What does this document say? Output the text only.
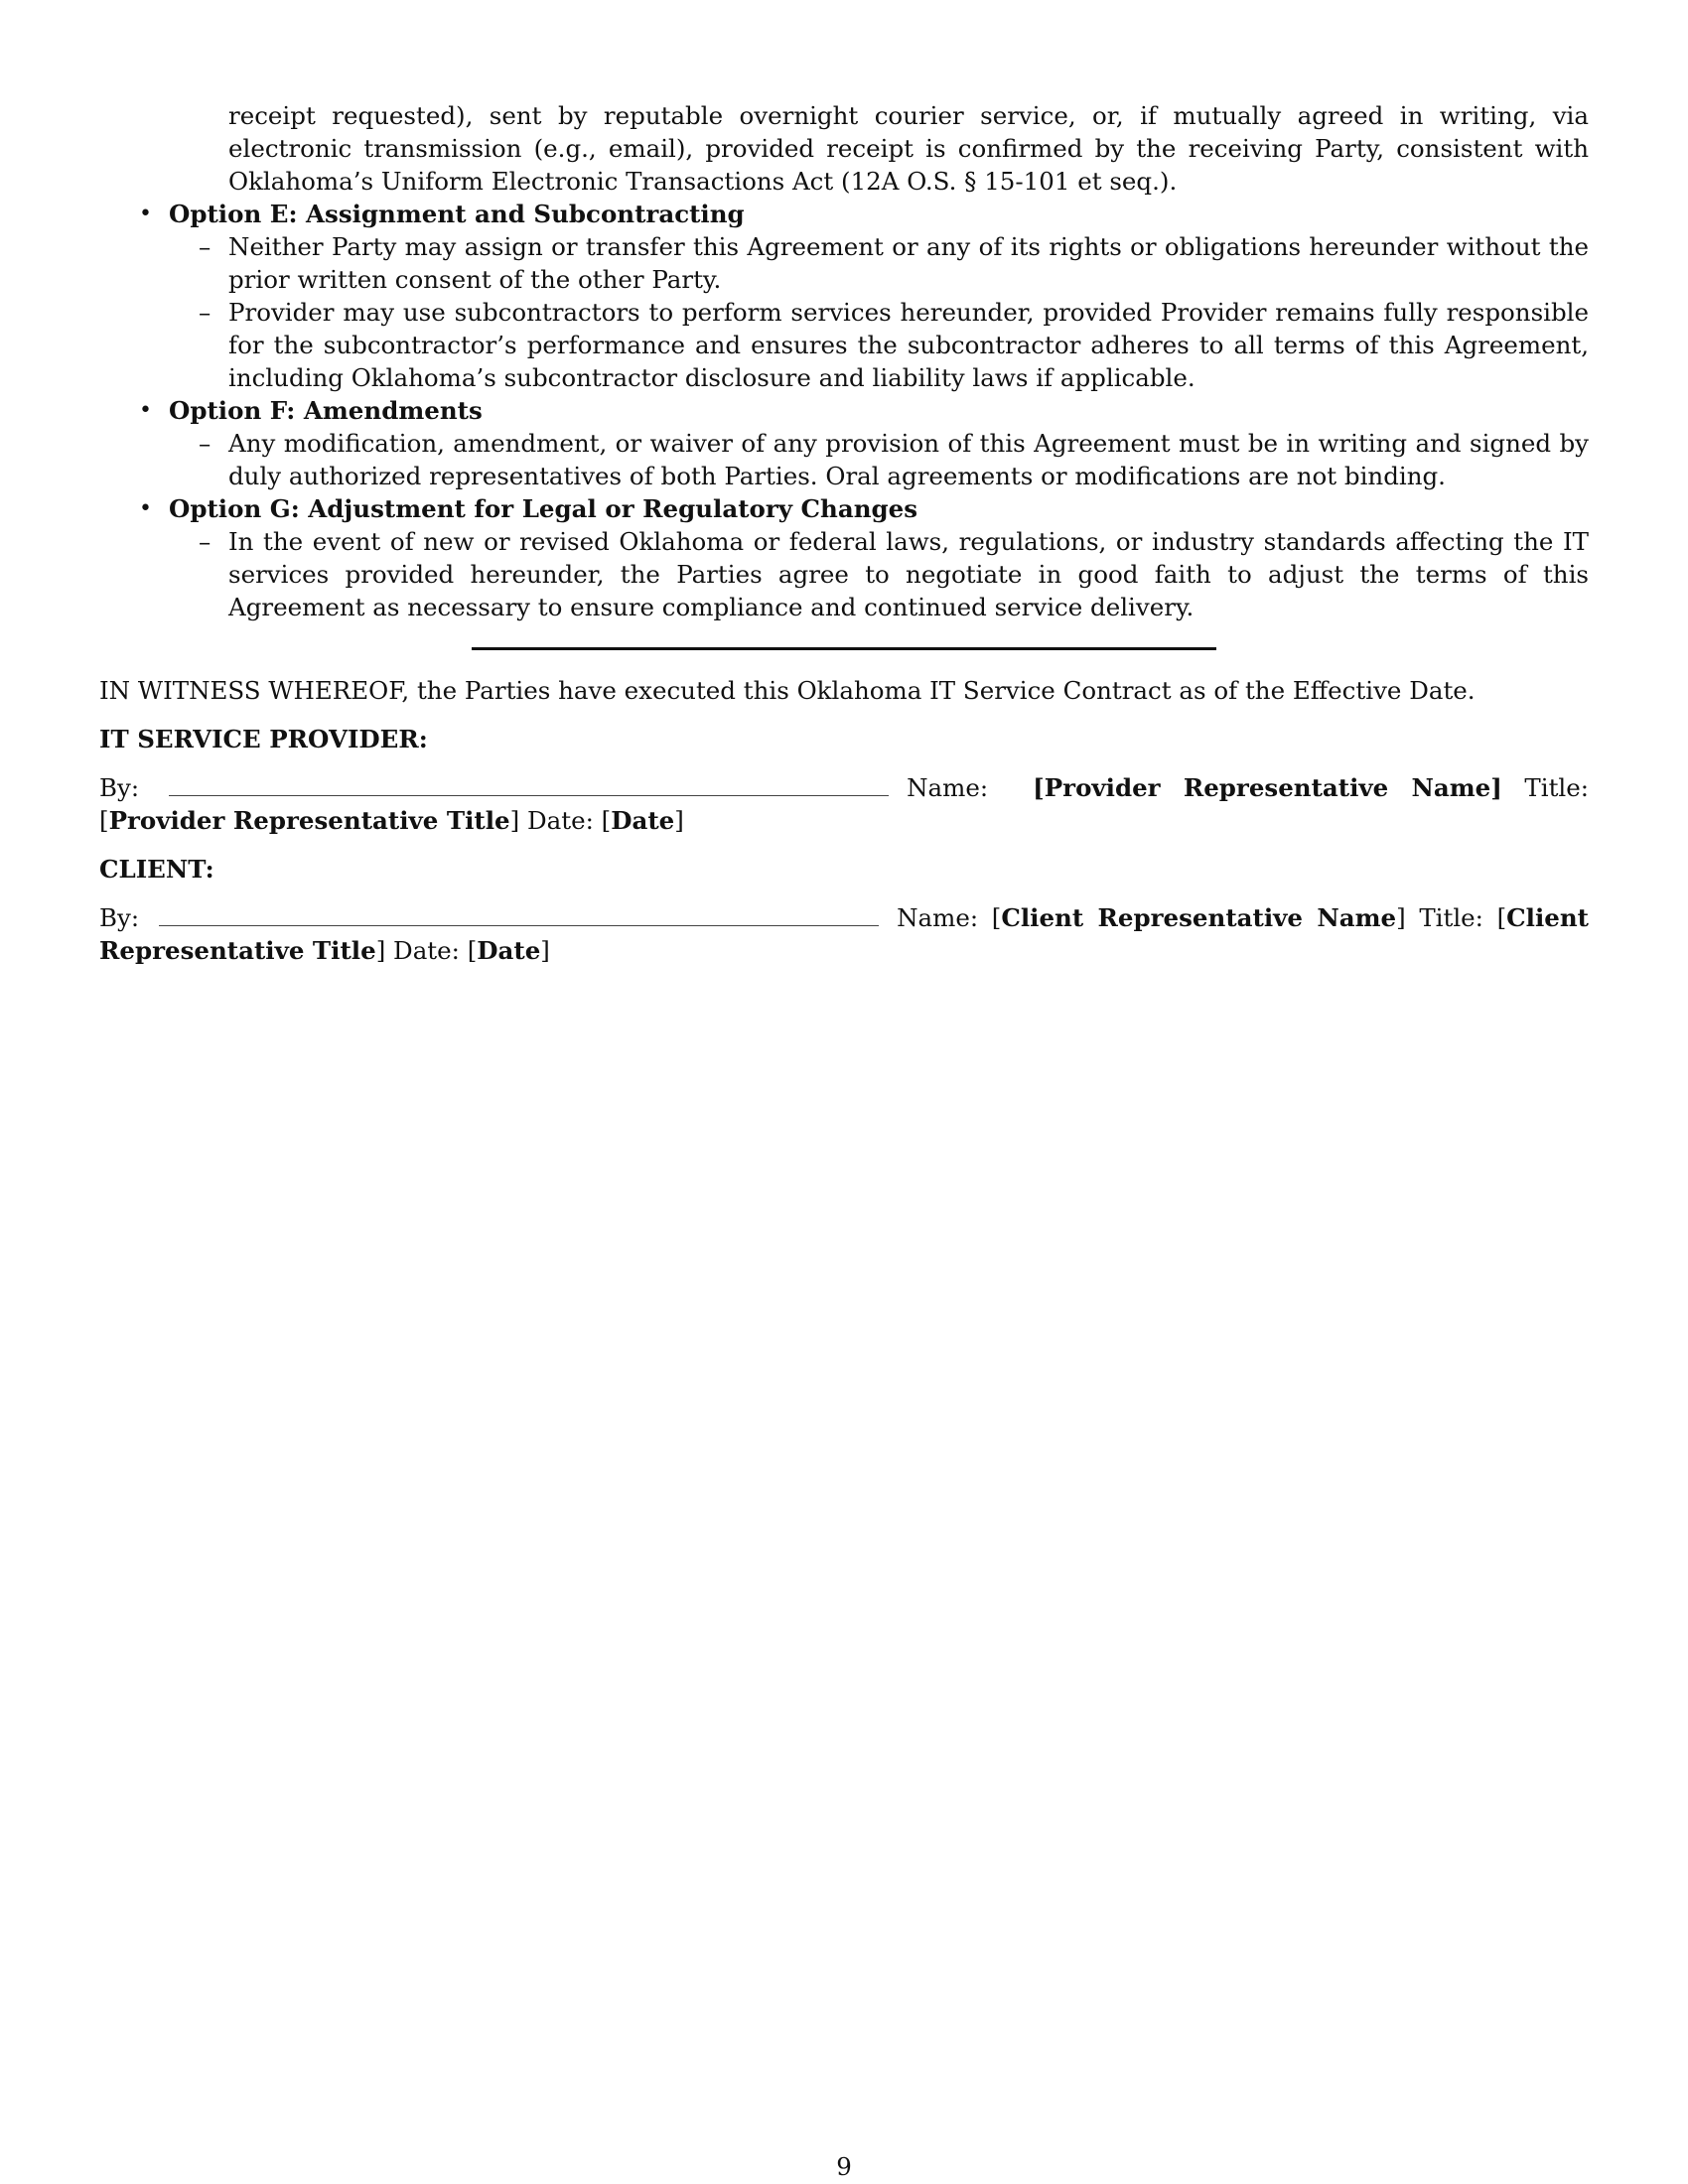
receipt requested), sent by reputable overnight courier service, or, if mutually agreed in writing, via electronic transmission (e.g., email), provided receipt is confirmed by the receiving Party, consistent with Oklahoma’s Uniform Electronic Transactions Act (12A O.S. § 15-101 et seq.).
• Option E: Assignment and Subcontracting
– Neither Party may assign or transfer this Agreement or any of its rights or obligations hereunder without the prior written consent of the other Party.
– Provider may use subcontractors to perform services hereunder, provided Provider remains fully responsible for the subcontractor’s performance and ensures the subcontractor adheres to all terms of this Agreement, including Oklahoma’s subcontractor disclosure and liability laws if applicable.
• Option F: Amendments
– Any modification, amendment, or waiver of any provision of this Agreement must be in writing and signed by duly authorized representatives of both Parties. Oral agreements or modifications are not binding.
• Option G: Adjustment for Legal or Regulatory Changes
– In the event of new or revised Oklahoma or federal laws, regulations, or industry standards affecting the IT services provided hereunder, the Parties agree to negotiate in good faith to adjust the terms of this Agreement as necessary to ensure compliance and continued service delivery.
IN WITNESS WHEREOF, the Parties have executed this Oklahoma IT Service Contract as of the Effective Date.
IT SERVICE PROVIDER:
By:	Name: [Provider Representative Name] Title: [Provider Representative Title] Date: [Date]
CLIENT:
By:	Name: [Client Representative Name] Title: [Client Representative Title] Date: [Date]
9
